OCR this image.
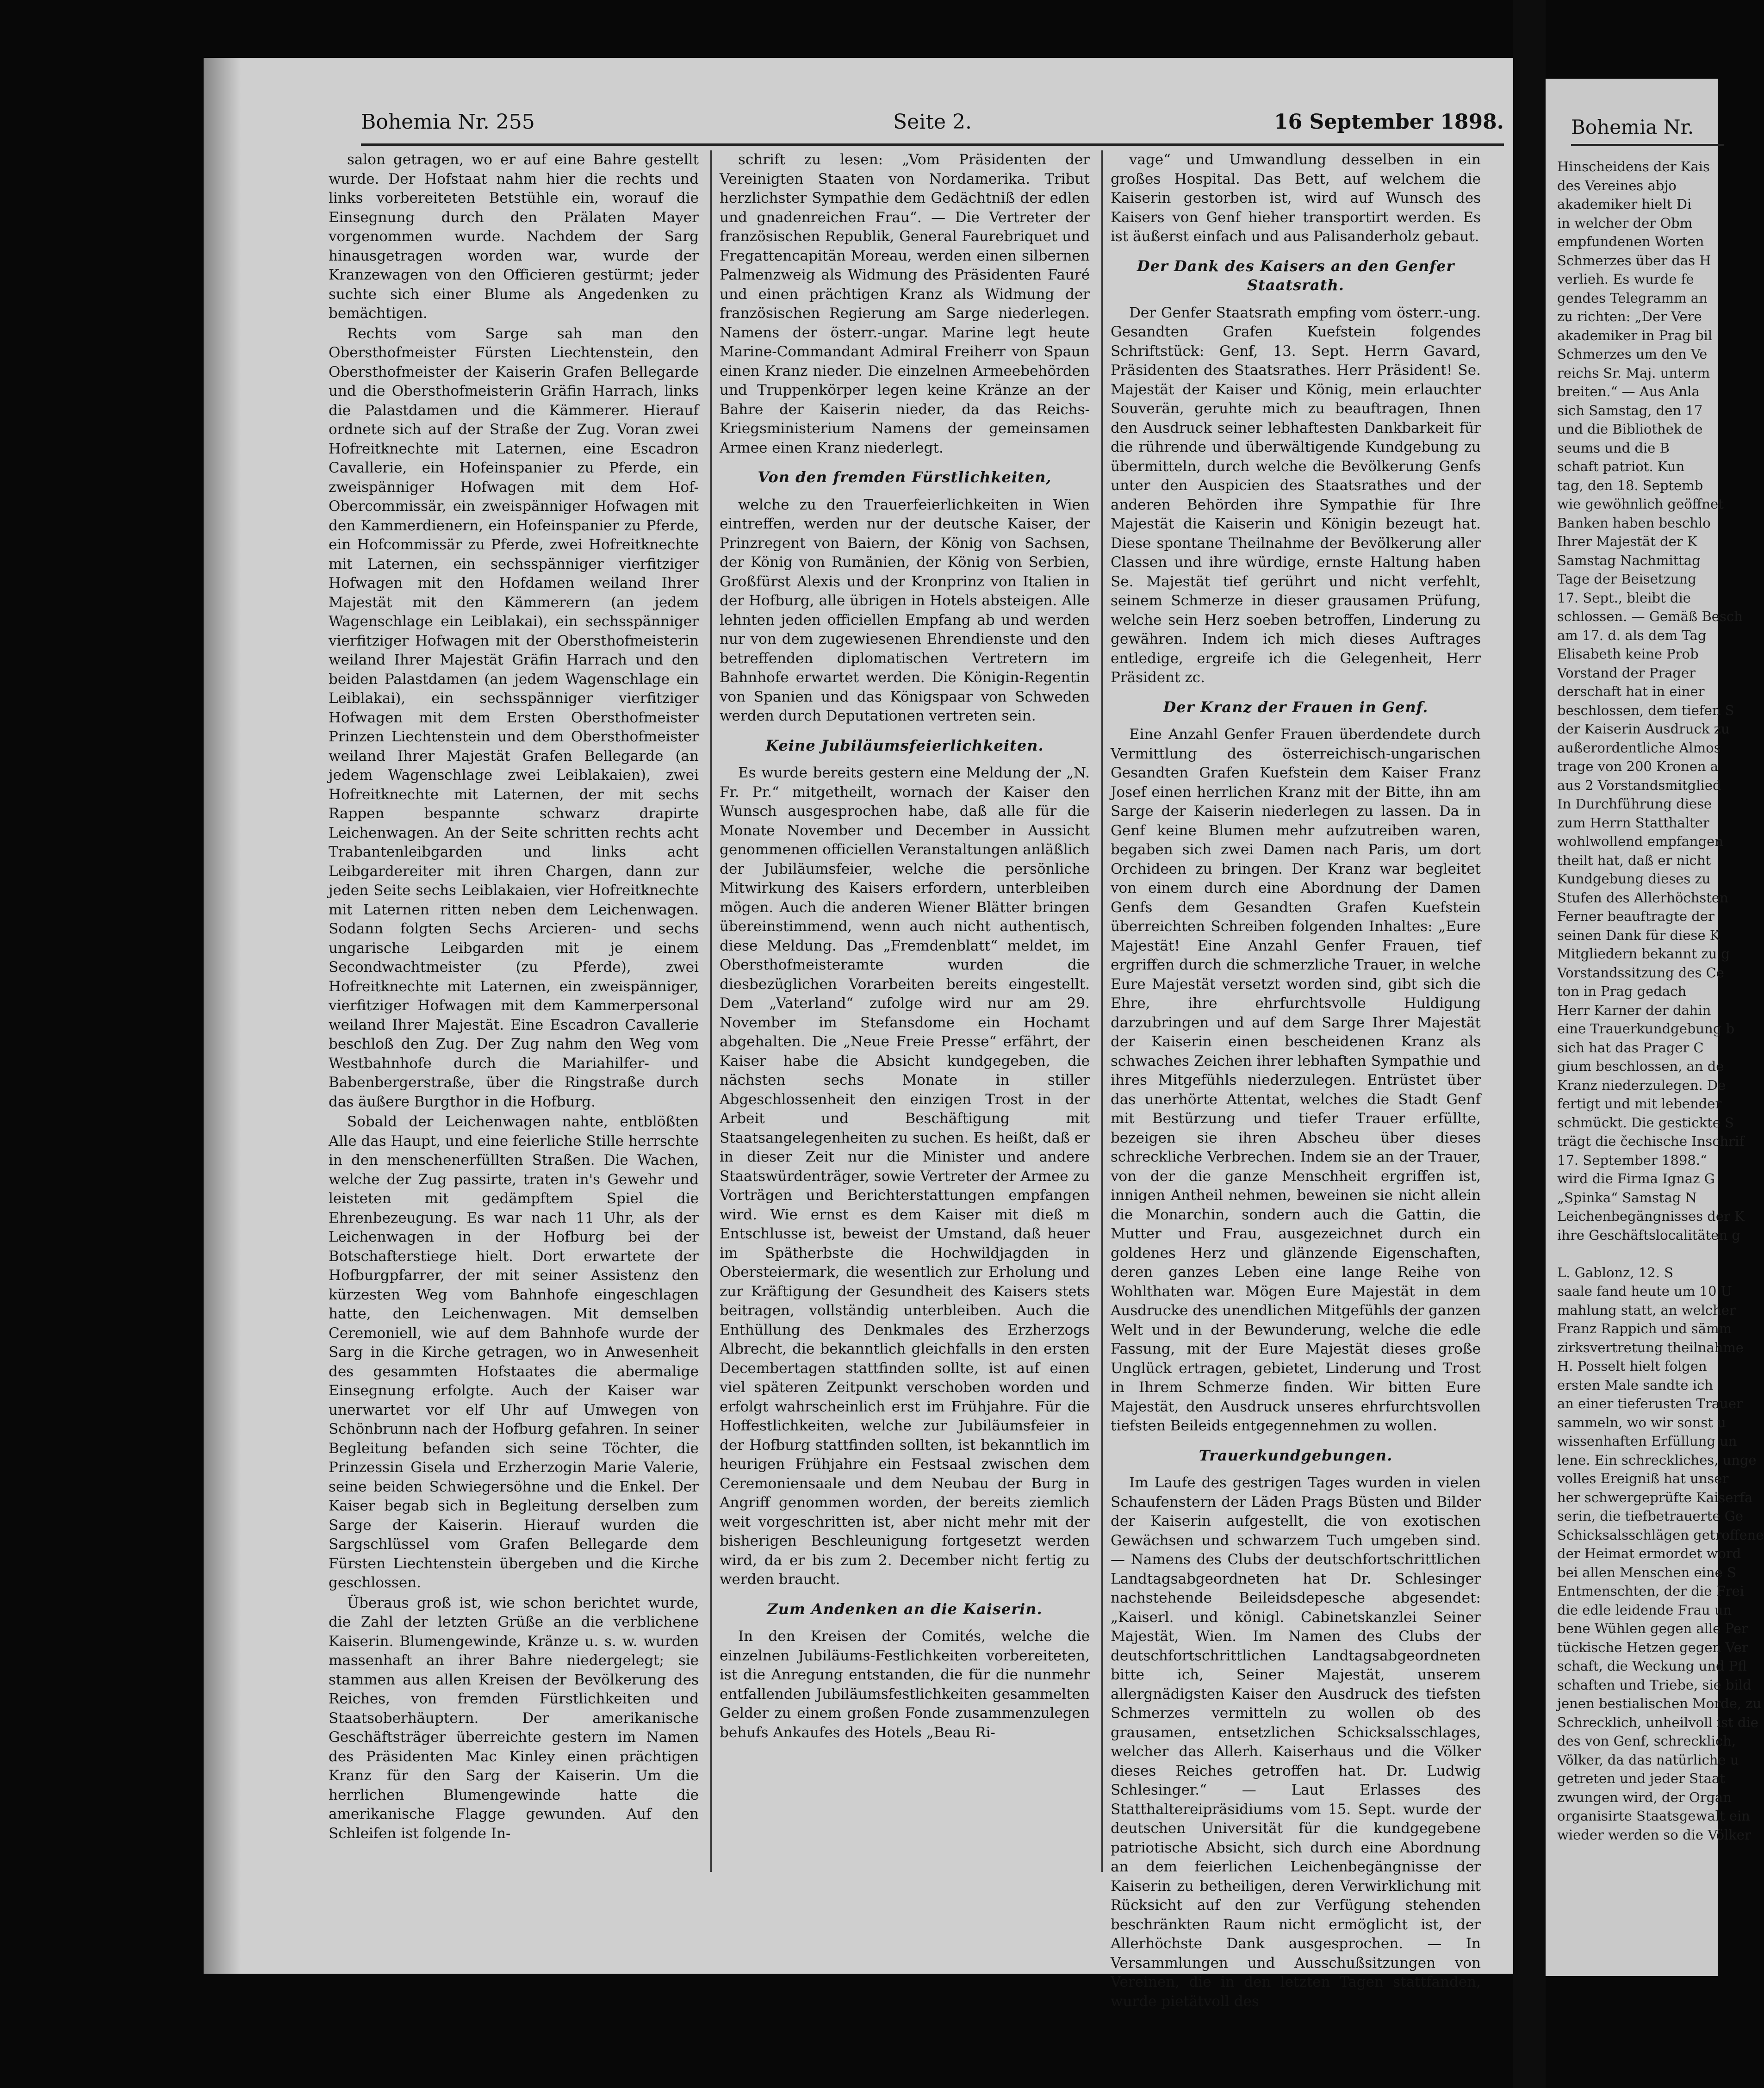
Bohemia Nr. 255	Seite 2.	16 September 1898.

salon getragen, wo er auf eine Bahre gestellt wurde. Der Hofstaat nahm hier die rechts und links vorbereiteten Betstühle ein, worauf die Einsegnung durch den Prälaten Mayer vorgenommen wurde. Nachdem der Sarg hinausgetragen worden war, wurde der Kranzewagen von den Officieren gestürmt; jeder suchte sich einer Blume als Angedenken zu bemächtigen.

Rechts vom Sarge sah man den Obersthofmeister Fürsten Liechtenstein, den Obersthofmeister der Kaiserin Grafen Bellegarde und die Obersthofmeisterin Gräfin Harrach, links die Palastdamen und die Kämmerer. Hierauf ordnete sich auf der Straße der Zug. Voran zwei Hofreitknechte mit Laternen, eine Escadron Cavallerie, ein Hofeinspanier zu Pferde, ein zweispänniger Hofwagen mit dem Hof-Obercommissär, ein zweispänniger Hofwagen mit den Kammerdienern, ein Hofeinspanier zu Pferde, ein Hofcommissär zu Pferde, zwei Hofreitknechte mit Laternen, ein sechsspänniger vierfitziger Hofwagen mit den Hofdamen weiland Ihrer Majestät mit den Kämmerern (an jedem Wagenschlage ein Leiblakai), ein sechsspänniger vierfitziger Hofwagen mit der Obersthofmeisterin weiland Ihrer Majestät Gräfin Harrach und den beiden Palastdamen (an jedem Wagenschlage ein Leiblakai), ein sechsspänniger vierfitziger Hofwagen mit dem Ersten Obersthofmeister Prinzen Liechtenstein und dem Obersthofmeister weiland Ihrer Majestät Grafen Bellegarde (an jedem Wagenschlage zwei Leiblakaien), zwei Hofreitknechte mit Laternen, der mit sechs Rappen bespannte schwarz drapirte Leichenwagen. An der Seite schritten rechts acht Trabantenleibgarden und links acht Leibgardereiter mit ihren Chargen, dann zur jeden Seite sechs Leiblakaien, vier Hofreitknechte mit Laternen ritten neben dem Leichenwagen. Sodann folgten Sechs Arcieren- und sechs ungarische Leibgarden mit je einem Secondwachtmeister (zu Pferde), zwei Hofreitknechte mit Laternen, ein zweispänniger, vierfitziger Hofwagen mit dem Kammerpersonal weiland Ihrer Majestät. Eine Escadron Cavallerie beschloß den Zug. Der Zug nahm den Weg vom Westbahnhofe durch die Mariahilfer- und Babenbergerstraße, über die Ringstraße durch das äußere Burgthor in die Hofburg.

Sobald der Leichenwagen nahte, entblößten Alle das Haupt, und eine feierliche Stille herrschte in den menschenerfüllten Straßen. Die Wachen, welche der Zug passirte, traten in's Gewehr und leisteten mit gedämpftem Spiel die Ehrenbezeugung. Es war nach 11 Uhr, als der Leichenwagen in der Hofburg bei der Botschafterstiege hielt. Dort erwartete der Hofburgpfarrer, der mit seiner Assistenz den kürzesten Weg vom Bahnhofe eingeschlagen hatte, den Leichenwagen. Mit demselben Ceremoniell, wie auf dem Bahnhofe wurde der Sarg in die Kirche getragen, wo in Anwesenheit des gesammten Hofstaates die abermalige Einsegnung erfolgte. Auch der Kaiser war unerwartet vor elf Uhr auf Umwegen von Schönbrunn nach der Hofburg gefahren. In seiner Begleitung befanden sich seine Töchter, die Prinzessin Gisela und Erzherzogin Marie Valerie, seine beiden Schwiegersöhne und die Enkel. Der Kaiser begab sich in Begleitung derselben zum Sarge der Kaiserin. Hierauf wurden die Sargschlüssel vom Grafen Bellegarde dem Fürsten Liechtenstein übergeben und die Kirche geschlossen.

Überaus groß ist, wie schon berichtet wurde, die Zahl der letzten Grüße an die verblichene Kaiserin. Blumengewinde, Kränze u. s. w. wurden massenhaft an ihrer Bahre niedergelegt; sie stammen aus allen Kreisen der Bevölkerung des Reiches, von fremden Fürstlichkeiten und Staatsoberhäuptern. Der amerikanische Geschäftsträger überreichte gestern im Namen des Präsidenten Mac Kinley einen prächtigen Kranz für den Sarg der Kaiserin. Um die herrlichen Blumengewinde hatte die amerikanische Flagge gewunden. Auf den Schleifen ist folgende In-

schrift zu lesen: „Vom Präsidenten der Vereinigten Staaten von Nordamerika. Tribut herzlichster Sympathie dem Gedächtniß der edlen und gnadenreichen Frau“. — Die Vertreter der französischen Republik, General Faurebriquet und Fregattencapitän Moreau, werden einen silbernen Palmenzweig als Widmung des Präsidenten Fauré und einen prächtigen Kranz als Widmung der französischen Regierung am Sarge niederlegen. Namens der österr.-ungar. Marine legt heute Marine-Commandant Admiral Freiherr von Spaun einen Kranz nieder. Die einzelnen Armeebehörden und Truppenkörper legen keine Kränze an der Bahre der Kaiserin nieder, da das Reichs-Kriegsministerium Namens der gemeinsamen Armee einen Kranz niederlegt.

Von den fremden Fürstlichkeiten,

welche zu den Trauerfeierlichkeiten in Wien eintreffen, werden nur der deutsche Kaiser, der Prinzregent von Baiern, der König von Sachsen, der König von Rumänien, der König von Serbien, Großfürst Alexis und der Kronprinz von Italien in der Hofburg, alle übrigen in Hotels absteigen. Alle lehnten jeden officiellen Empfang ab und werden nur von dem zugewiesenen Ehrendienste und den betreffenden diplomatischen Vertretern im Bahnhofe erwartet werden. Die Königin-Regentin von Spanien und das Königspaar von Schweden werden durch Deputationen vertreten sein.

Keine Jubiläumsfeierlichkeiten.

Es wurde bereits gestern eine Meldung der „N. Fr. Pr.“ mitgetheilt, wornach der Kaiser den Wunsch ausgesprochen habe, daß alle für die Monate November und December in Aussicht genommenen officiellen Veranstaltungen anläßlich der Jubiläumsfeier, welche die persönliche Mitwirkung des Kaisers erfordern, unterbleiben mögen. Auch die anderen Wiener Blätter bringen übereinstimmend, wenn auch nicht authentisch, diese Meldung. Das „Fremdenblatt“ meldet, im Obersthofmeisteramte wurden die diesbezüglichen Vorarbeiten bereits eingestellt. Dem „Vaterland“ zufolge wird nur am 29. November im Stefansdome ein Hochamt abgehalten. Die „Neue Freie Presse“ erfährt, der Kaiser habe die Absicht kundgegeben, die nächsten sechs Monate in stiller Abgeschlossenheit den einzigen Trost in der Arbeit und Beschäftigung mit Staatsangelegenheiten zu suchen. Es heißt, daß er in dieser Zeit nur die Minister und andere Staatswürdenträger, sowie Vertreter der Armee zu Vorträgen und Berichterstattungen empfangen wird. Wie ernst es dem Kaiser mit dieß m Entschlusse ist, beweist der Umstand, daß heuer im Spätherbste die Hochwildjagden in Obersteiermark, die wesentlich zur Erholung und zur Kräftigung der Gesundheit des Kaisers stets beitragen, vollständig unterbleiben. Auch die Enthüllung des Denkmales des Erzherzogs Albrecht, die bekanntlich gleichfalls in den ersten Decembertagen stattfinden sollte, ist auf einen viel späteren Zeitpunkt verschoben worden und erfolgt wahrscheinlich erst im Frühjahre. Für die Hoffestlichkeiten, welche zur Jubiläumsfeier in der Hofburg stattfinden sollten, ist bekanntlich im heurigen Frühjahre ein Festsaal zwischen dem Ceremoniensaale und dem Neubau der Burg in Angriff genommen worden, der bereits ziemlich weit vorgeschritten ist, aber nicht mehr mit der bisherigen Beschleunigung fortgesetzt werden wird, da er bis zum 2. December nicht fertig zu werden braucht.

Zum Andenken an die Kaiserin.

In den Kreisen der Comités, welche die einzelnen Jubiläums-Festlichkeiten vorbereiteten, ist die Anregung entstanden, die für die nunmehr entfallenden Jubiläumsfestlichkeiten gesammelten Gelder zu einem großen Fonde zusammenzulegen behufs Ankaufes des Hotels „Beau Ri-

vage“ und Umwandlung desselben in ein großes Hospital. Das Bett, auf welchem die Kaiserin gestorben ist, wird auf Wunsch des Kaisers von Genf hieher transportirt werden. Es ist äußerst einfach und aus Palisanderholz gebaut.

Der Dank des Kaisers an den Genfer Staatsrath.

Der Genfer Staatsrath empfing vom österr.-ung. Gesandten Grafen Kuefstein folgendes Schriftstück: Genf, 13. Sept. Herrn Gavard, Präsidenten des Staatsrathes. Herr Präsident! Se. Majestät der Kaiser und König, mein erlauchter Souverän, geruhte mich zu beauftragen, Ihnen den Ausdruck seiner lebhaftesten Dankbarkeit für die rührende und überwältigende Kundgebung zu übermitteln, durch welche die Bevölkerung Genfs unter den Auspicien des Staatsrathes und der anderen Behörden ihre Sympathie für Ihre Majestät die Kaiserin und Königin bezeugt hat. Diese spontane Theilnahme der Bevölkerung aller Classen und ihre würdige, ernste Haltung haben Se. Majestät tief gerührt und nicht verfehlt, seinem Schmerze in dieser grausamen Prüfung, welche sein Herz soeben betroffen, Linderung zu gewähren. Indem ich mich dieses Auftrages entledige, ergreife ich die Gelegenheit, Herr Präsident zc.

Der Kranz der Frauen in Genf.

Eine Anzahl Genfer Frauen überdendete durch Vermittlung des österreichisch-ungarischen Gesandten Grafen Kuefstein dem Kaiser Franz Josef einen herrlichen Kranz mit der Bitte, ihn am Sarge der Kaiserin niederlegen zu lassen. Da in Genf keine Blumen mehr aufzutreiben waren, begaben sich zwei Damen nach Paris, um dort Orchideen zu bringen. Der Kranz war begleitet von einem durch eine Abordnung der Damen Genfs dem Gesandten Grafen Kuefstein überreichten Schreiben folgenden Inhaltes: „Eure Majestät! Eine Anzahl Genfer Frauen, tief ergriffen durch die schmerzliche Trauer, in welche Eure Majestät versetzt worden sind, gibt sich die Ehre, ihre ehrfurchtsvolle Huldigung darzubringen und auf dem Sarge Ihrer Majestät der Kaiserin einen bescheidenen Kranz als schwaches Zeichen ihrer lebhaften Sympathie und ihres Mitgefühls niederzulegen. Entrüstet über das unerhörte Attentat, welches die Stadt Genf mit Bestürzung und tiefer Trauer erfüllte, bezeigen sie ihren Abscheu über dieses schreckliche Verbrechen. Indem sie an der Trauer, von der die ganze Menschheit ergriffen ist, innigen Antheil nehmen, beweinen sie nicht allein die Monarchin, sondern auch die Gattin, die Mutter und Frau, ausgezeichnet durch ein goldenes Herz und glänzende Eigenschaften, deren ganzes Leben eine lange Reihe von Wohlthaten war. Mögen Eure Majestät in dem Ausdrucke des unendlichen Mitgefühls der ganzen Welt und in der Bewunderung, welche die edle Fassung, mit der Eure Majestät dieses große Unglück ertragen, gebietet, Linderung und Trost in Ihrem Schmerze finden. Wir bitten Eure Majestät, den Ausdruck unseres ehrfurchtsvollen tiefsten Beileids entgegennehmen zu wollen.

Trauerkundgebungen.

Im Laufe des gestrigen Tages wurden in vielen Schaufenstern der Läden Prags Büsten und Bilder der Kaiserin aufgestellt, die von exotischen Gewächsen und schwarzem Tuch umgeben sind. — Namens des Clubs der deutschfortschrittlichen Landtagsabgeordneten hat Dr. Schlesinger nachstehende Beileidsdepesche abgesendet: „Kaiserl. und königl. Cabinetskanzlei Seiner Majestät, Wien. Im Namen des Clubs der deutschfortschrittlichen Landtagsabgeordneten bitte ich, Seiner Majestät, unserem allergnädigsten Kaiser den Ausdruck des tiefsten Schmerzes vermitteln zu wollen ob des grausamen, entsetzlichen Schicksalsschlages, welcher das Allerh. Kaiserhaus und die Völker dieses Reiches getroffen hat. Dr. Ludwig Schlesinger.“ — Laut Erlasses des Statthaltereipräsidiums vom 15. Sept. wurde der deutschen Universität für die kundgegebene patriotische Absicht, sich durch eine Abordnung an dem feierlichen Leichenbegängnisse der Kaiserin zu betheiligen, deren Verwirklichung mit Rücksicht auf den zur Verfügung stehenden beschränkten Raum nicht ermöglicht ist, der Allerhöchste Dank ausgesprochen. — In Versammlungen und Ausschußsitzungen von Vereinen, die in den letzten Tagen stattfanden, wurde pietätvoll des

Bohemia Nr.
Hinscheidens der Kais
des Vereines abjo
akademiker hielt Di
in welcher der Obm
empfundenen Worten
Schmerzes über das H
verlieh. Es wurde fe
gendes Telegramm an
zu richten: „Der Vere
akademiker in Prag bil
Schmerzes um den Ve
reichs Sr. Maj. unterm
breiten.“ — Aus Anla
sich Samstag, den 17
und die Bibliothek de
seums und die B
schaft patriot. Kun
tag, den 18. Septemb
wie gewöhnlich geöffnet
Banken haben beschlo
Ihrer Majestät der K
Samstag Nachmittag
Tage der Beisetzung
17. Sept., bleibt die
schlossen. — Gemäß Besch
am 17. d. als dem Tag
Elisabeth keine Prob
Vorstand der Prager
derschaft hat in einer
beschlossen, dem tiefen S
der Kaiserin Ausdruck zu
außerordentliche Almos
trage von 200 Kronen a
aus 2 Vorstandsmitglied
In Durchführung diese
zum Herrn Statthalter
wohlwollend empfangen
theilt hat, daß er nicht
Kundgebung dieses zu
Stufen des Allerhöchsten
Ferner beauftragte der
seinen Dank für diese K
Mitgliedern bekannt zu g
Vorstandssitzung des Ce
ton in Prag gedach
Herr Karner der dahin
eine Trauerkundgebung b
sich hat das Prager C
gium beschlossen, an de
Kranz niederzulegen. De
fertigt und mit lebender
schmückt. Die gestickte S
trägt die čechische Inschrif
17. September 1898.“
wird die Firma Ignaz G
„Spinka“ Samstag N
Leichenbegängnisses der K
ihre Geschäftslocalitäten g

L. Gablonz, 12. S
saale fand heute um 10 U
mahlung statt, an welcher
Franz Rappich und sämm
zirksvertretung theilnahme
H. Posselt hielt folgen
ersten Male sandte ich
an einer tieferusten Trauer
sammeln, wo wir sonst u
wissenhaften Erfüllung un
lene. Ein schreckliches, unge
volles Ereigniß hat unser
her schwergeprüfte Kaiserfa
serin, die tiefbetrauerte Ge
Schicksalsschlägen getroffene
der Heimat ermordet word
bei allen Menschen eine S
Entmenschten, der die Frei
die edle leidende Frau un
bene Wühlen gegen alle Per
tückische Hetzen gegen Ver
schaft, die Weckung und Pfl
schaften und Triebe, sie bild
jenen bestialischen Morde, zu
Schrecklich, unheilvoll ist die
des von Genf, schrecklich,
Völker, da das natürliche u
getreten und jeder Staat
zwungen wird, der Organ
organisirte Staatsgewalt ein
wieder werden so die Völker
